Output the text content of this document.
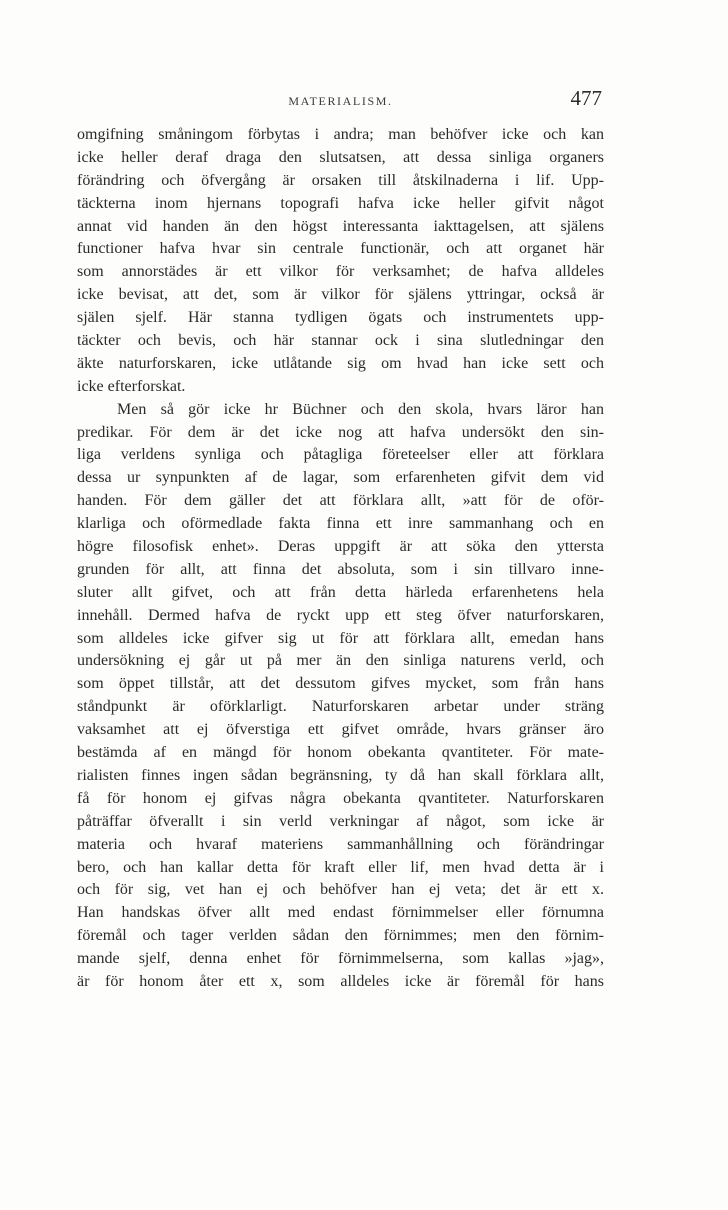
MATERIALISM.	477
omgifning småningom förbytas i andra; man behöfver icke och kan
icke heller deraf draga den slutsatsen, att dessa sinliga organers
förändring och öfvergång är orsaken till åtskilnaderna i lif. Upp-
täckterna inom hjernans topografi hafva icke heller gifvit något
annat vid handen än den högst interessanta iakttagelsen, att själens
functioner hafva hvar sin centrale functionär, och att organet här
som annorstädes är ett vilkor för verksamhet; de hafva alldeles
icke bevisat, att det, som är vilkor för själens yttringar, också är
själen sjelf. Här stanna tydligen ögats och instrumentets upp-
täckter och bevis, och här stannar ock i sina slutledningar den
äkte naturforskaren, icke utlåtande sig om hvad han icke sett och
icke efterforskat.
Men så gör icke hr Büchner och den skola, hvars läror han
predikar. För dem är det icke nog att hafva undersökt den sin-
liga verldens synliga och påtagliga företeelser eller att förklara
dessa ur synpunkten af de lagar, som erfarenheten gifvit dem vid
handen. För dem gäller det att förklara allt, »att för de oför-
klarliga och oförmedlade fakta finna ett inre sammanhang och en
högre filosofisk enhet». Deras uppgift är att söka den yttersta
grunden för allt, att finna det absoluta, som i sin tillvaro inne-
sluter allt gifvet, och att från detta härleda erfarenhetens hela
innehåll. Dermed hafva de ryckt upp ett steg öfver naturforskaren,
som alldeles icke gifver sig ut för att förklara allt, emedan hans
undersökning ej går ut på mer än den sinliga naturens verld, och
som öppet tillstår, att det dessutom gifves mycket, som från hans
ståndpunkt är oförklarligt. Naturforskaren arbetar under sträng
vaksamhet att ej öfverstiga ett gifvet område, hvars gränser äro
bestämda af en mängd för honom obekanta qvantiteter. För mate-
rialisten finnes ingen sådan begränsning, ty då han skall förklara allt,
få för honom ej gifvas några obekanta qvantiteter. Naturforskaren
påträffar öfverallt i sin verld verkningar af något, som icke är
materia och hvaraf materiens sammanhållning och förändringar
bero, och han kallar detta för kraft eller lif, men hvad detta är i
och för sig, vet han ej och behöfver han ej veta; det är ett x.
Han handskas öfver allt med endast förnimmelser eller förnumna
föremål och tager verlden sådan den förnimmes; men den förnim-
mande sjelf, denna enhet för förnimmelserna, som kallas »jag»,
är för honom åter ett x, som alldeles icke är föremål för hans
